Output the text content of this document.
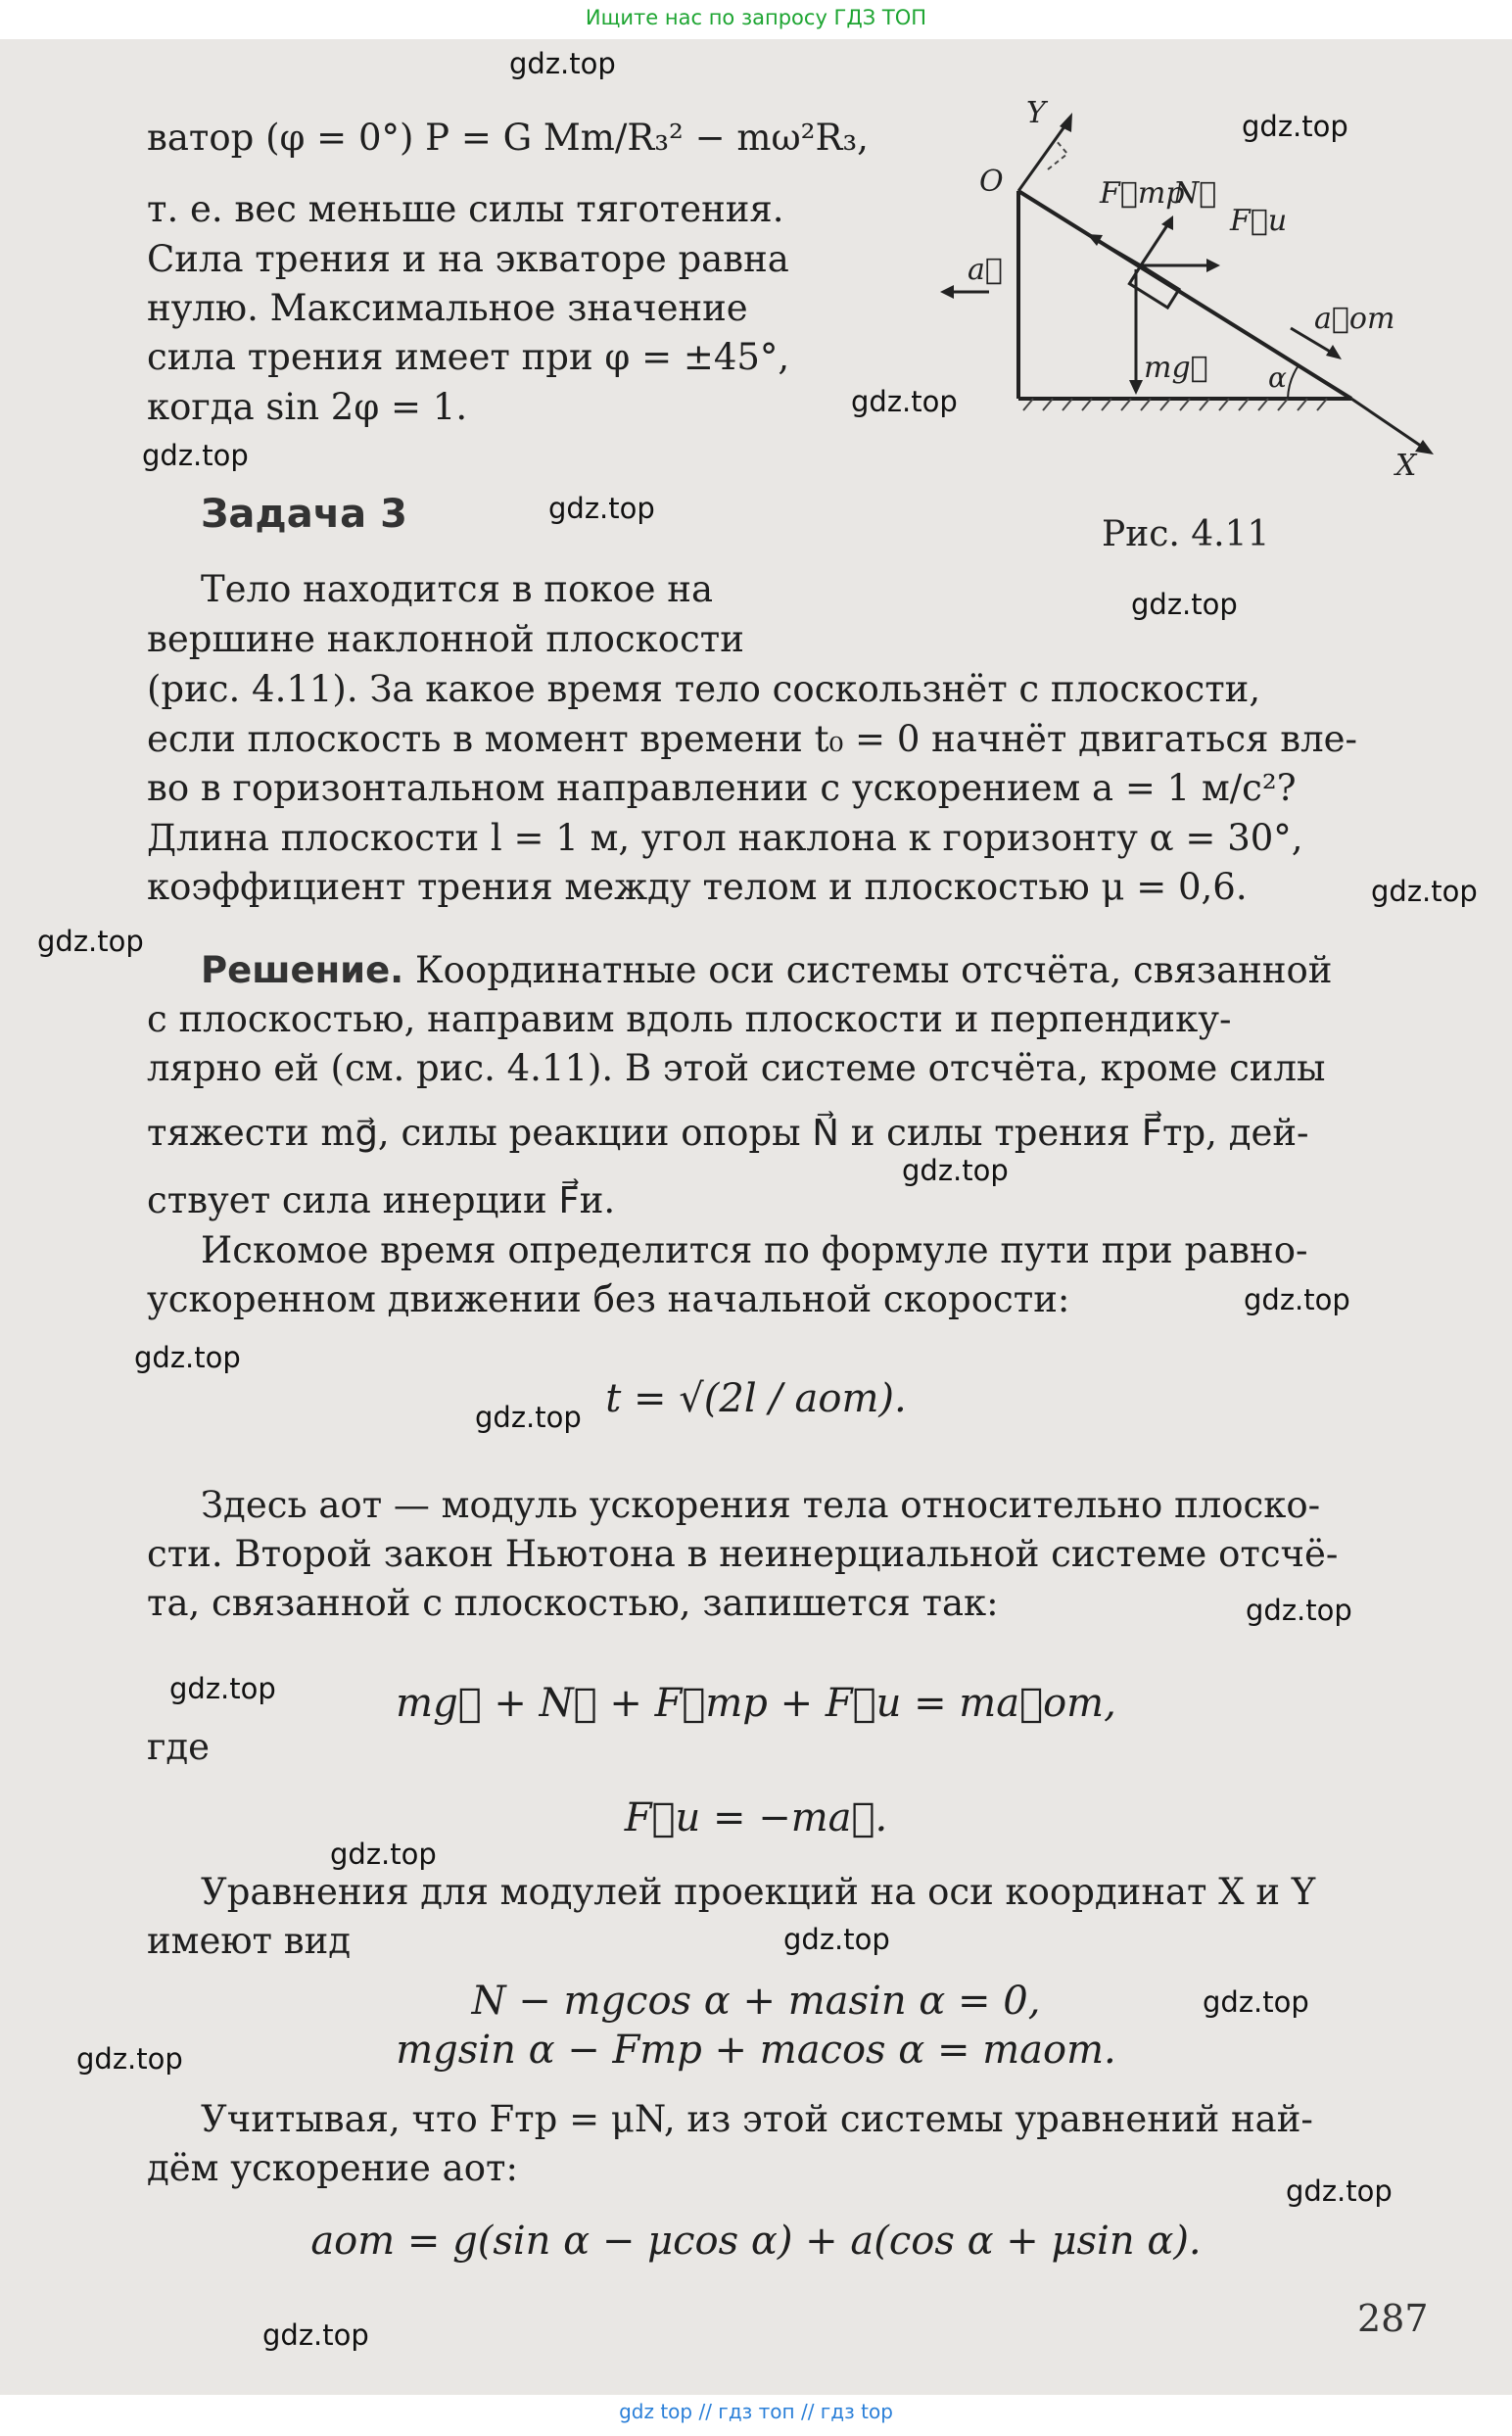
Ищите нас по запросу ГДЗ ТОП
ватор (φ = 0°) P = G Mm/R₃² − mω²R₃,
т. е. вес меньше силы тяготения.
Сила трения и на экваторе равна
нулю. Максимальное значение
сила трения имеет при φ = ±45°,
когда sin 2φ = 1.
X
Y
O	F⃗тр
N⃗
F⃗и
a⃗
a⃗от
mg⃗ α
Рис. 4.11
Задача 3
Тело находится в покое на
вершине наклонной плоскости
(рис. 4.11). За какое время тело соскользнёт с плоскости,
если плоскость в момент времени t₀ = 0 начнёт двигаться вле-
во в горизонтальном направлении с ускорением a = 1 м/с²?
Длина плоскости l = 1 м, угол наклона к горизонту α = 30°,
коэффициент трения между телом и плоскостью μ = 0,6.
Решение. Координатные оси системы отсчёта, связанной
с плоскостью, направим вдоль плоскости и перпендику-
лярно ей (см. рис. 4.11). В этой системе отсчёта, кроме силы
тяжести mg⃗, силы реакции опоры N⃗ и силы трения F⃗тр, дей-
ствует сила инерции F⃗и.
Искомое время определится по формуле пути при равно-
ускоренном движении без начальной скорости:
t = √(2l / aот).
Здесь aот — модуль ускорения тела относительно плоско-
сти. Второй закон Ньютона в неинерциальной системе отсчё-
та, связанной с плоскостью, запишется так:
mg⃗ + N⃗ + F⃗тр + F⃗и = ma⃗от,
где
F⃗и = −ma⃗.
Уравнения для модулей проекций на оси координат X и Y
имеют вид
N − mgcos α + masin α = 0,
mgsin α − Fтр + macos α = maот.
Учитывая, что Fтр = μN, из этой системы уравнений най-
дём ускорение aот:
aот = g(sin α − μcos α) + a(cos α + μsin α).
287
gdz.top
gdz.top
gdz.top
gdz.top
gdz.top
gdz.top
gdz.top
gdz.top
gdz.top
gdz.top
gdz.top
gdz.top
gdz.top
gdz.top
gdz.top
gdz.top
gdz.top
gdz.top
gdz.top
gdz.top
gdz top // гдз топ // гдз top
